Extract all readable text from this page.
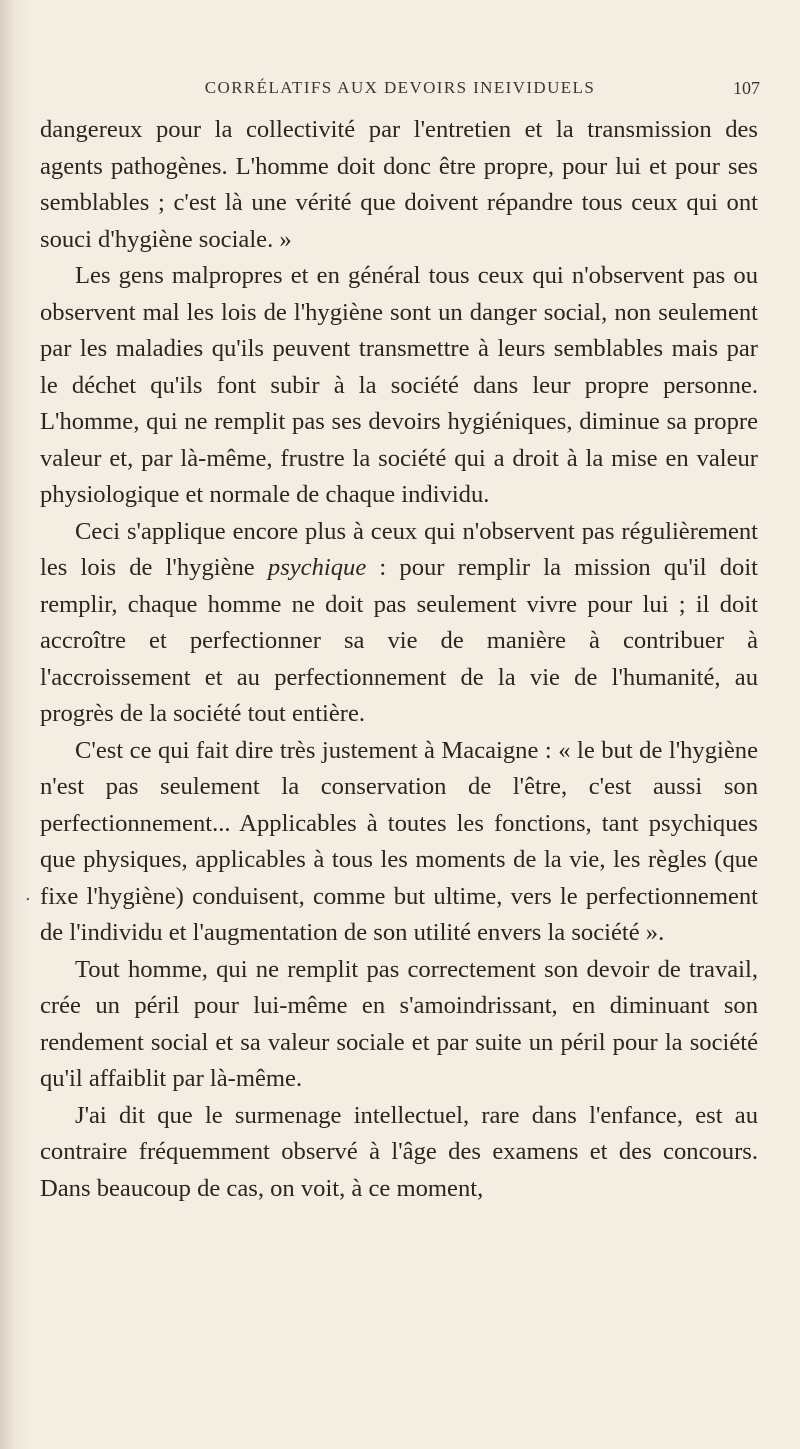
CORRÉLATIFS AUX DEVOIRS INEIVIDUELS	107
.

dangereux pour la collectivité par l'entretien et la transmission des agents pathogènes. L'homme doit donc être propre, pour lui et pour ses semblables ; c'est là une vérité que doivent répandre tous ceux qui ont souci d'hygiène sociale. »

Les gens malpropres et en général tous ceux qui n'observent pas ou observent mal les lois de l'hygiène sont un danger social, non seulement par les maladies qu'ils peuvent transmettre à leurs semblables mais par le déchet qu'ils font subir à la société dans leur propre personne. L'homme, qui ne remplit pas ses devoirs hygiéniques, diminue sa propre valeur et, par là-même, frustre la société qui a droit à la mise en valeur physiologique et normale de chaque individu.

Ceci s'applique encore plus à ceux qui n'observent pas régulièrement les lois de l'hygiène psychique : pour remplir la mission qu'il doit remplir, chaque homme ne doit pas seulement vivre pour lui ; il doit accroître et perfectionner sa vie de manière à contribuer à l'accroissement et au perfectionnement de la vie de l'humanité, au progrès de la société tout entière.

C'est ce qui fait dire très justement à Macaigne : « le but de l'hygiène n'est pas seulement la conservation de l'être, c'est aussi son perfectionnement... Applicables à toutes les fonctions, tant psychiques que physiques, applicables à tous les moments de la vie, les règles (que fixe l'hygiène) conduisent, comme but ultime, vers le perfectionnement de l'individu et l'augmentation de son utilité envers la société ».

Tout homme, qui ne remplit pas correctement son devoir de travail, crée un péril pour lui-même en s'amoindrissant, en diminuant son rendement social et sa valeur sociale et par suite un péril pour la société qu'il affaiblit par là-même.

J'ai dit que le surmenage intellectuel, rare dans l'enfance, est au contraire fréquemment observé à l'âge des examens et des concours. Dans beaucoup de cas, on voit, à ce moment,
